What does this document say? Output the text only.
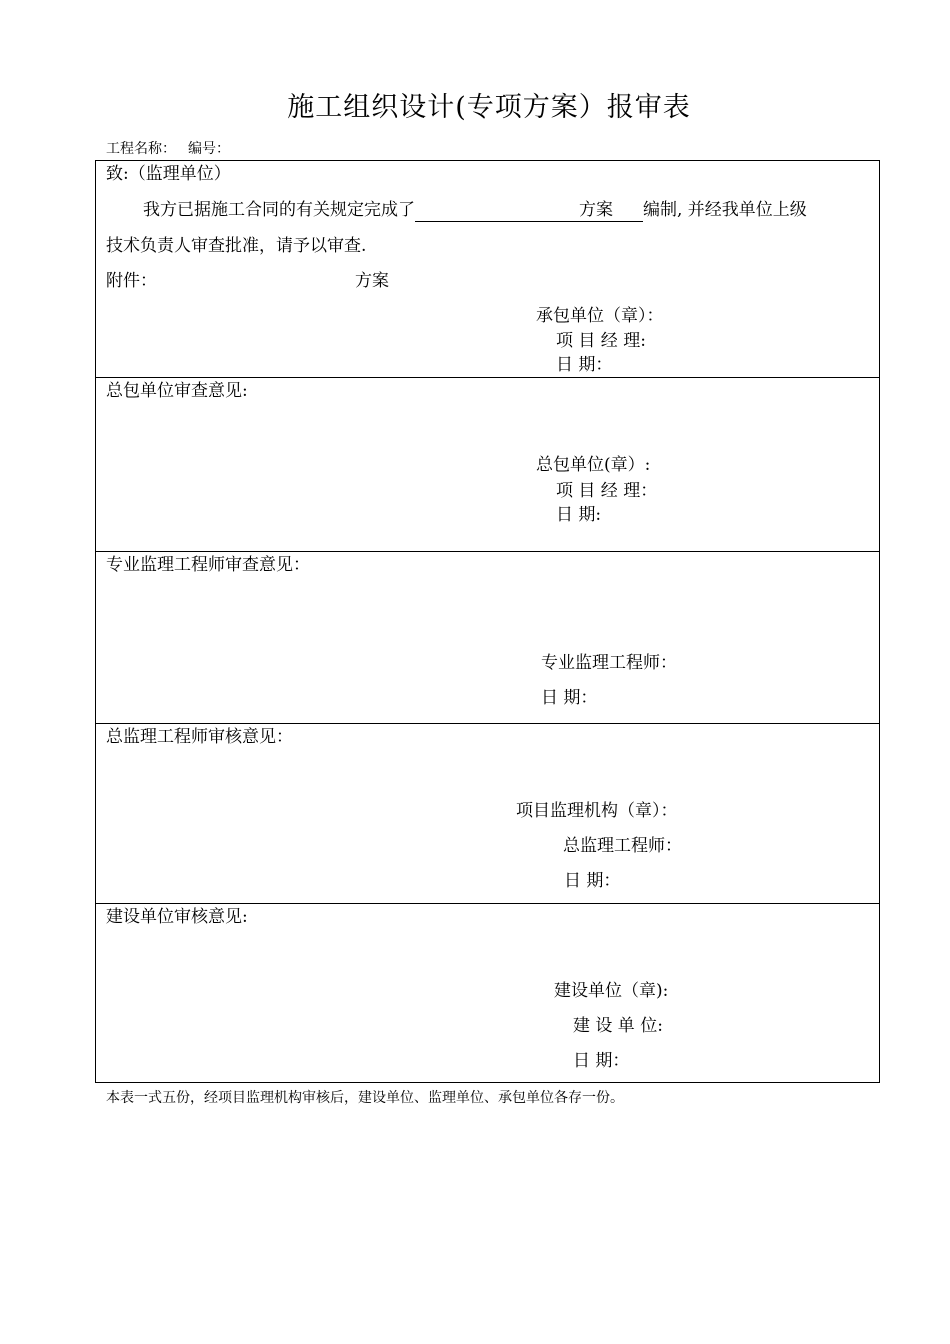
施工组织设计(专项方案）报审表
工程名称： 编号：
致:（监理单位）
我方已据施工合同的有关规定完成了	方案 编制, 并经我单位上级
技术负责人审查批准，请予以审查.
附件：	方案
承包单位（章）：
项 目 经 理:
日 期：
总包单位审查意见:
总包单位(章）:
项 目 经 理：
日 期:
专业监理工程师审查意见：
专业监理工程师：
日 期：
总监理工程师审核意见：
项目监理机构（章）：
总监理工程师：
日 期：
建设单位审核意见:
建设单位（章):
建 设 单 位:
日 期：
本表一式五份，经项目监理机构审核后，建设单位、监理单位、承包单位各存一份。
